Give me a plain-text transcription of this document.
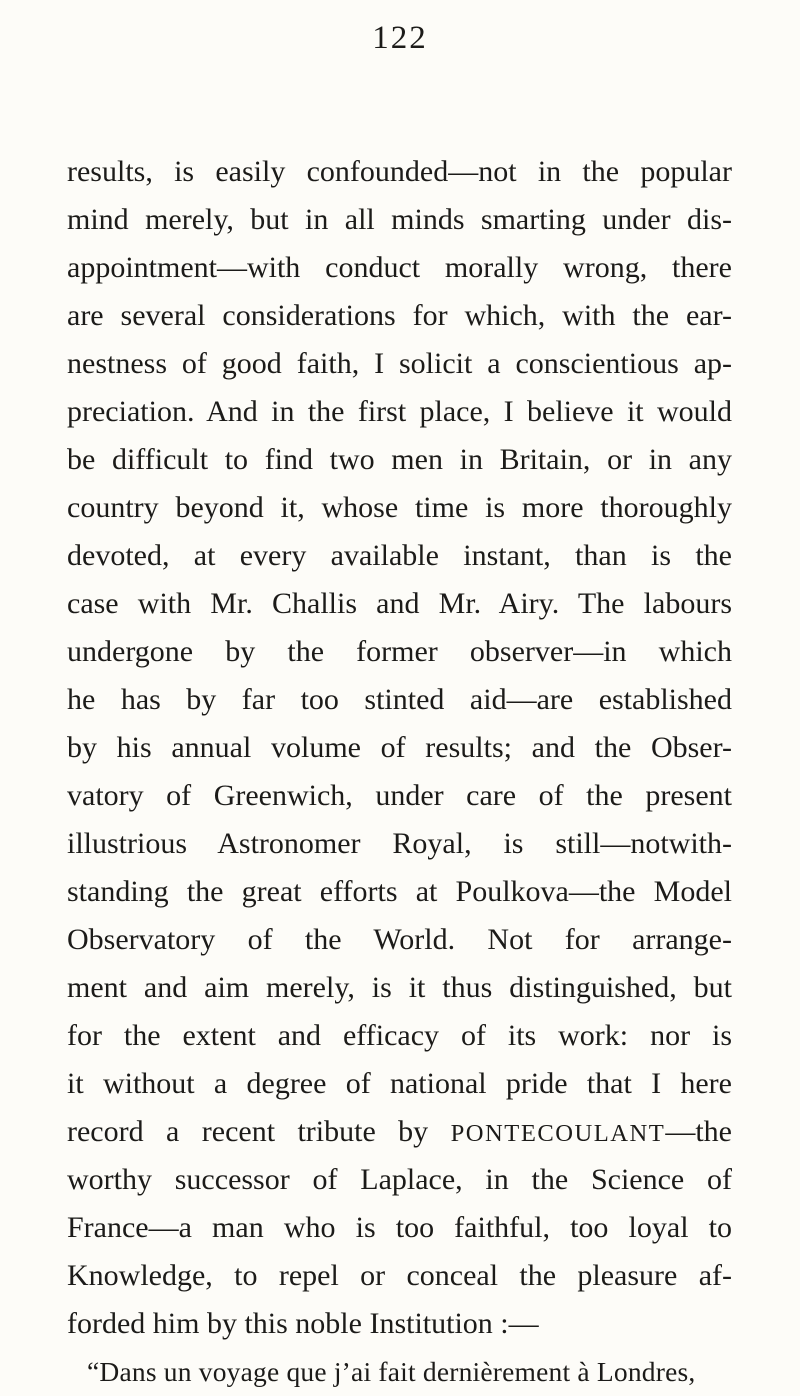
122
results, is easily confounded—not in the popular
mind merely, but in all minds smarting under dis-
appointment—with conduct morally wrong, there
are several considerations for which, with the ear-
nestness of good faith, I solicit a conscientious ap-
preciation. And in the first place, I believe it would
be difficult to find two men in Britain, or in any
country beyond it, whose time is more thoroughly
devoted, at every available instant, than is the
case with Mr. Challis and Mr. Airy. The labours
undergone by the former observer—in which
he has by far too stinted aid—are established
by his annual volume of results; and the Obser-
vatory of Greenwich, under care of the present
illustrious Astronomer Royal, is still—notwith-
standing the great efforts at Poulkova—the Model
Observatory of the World. Not for arrange-
ment and aim merely, is it thus distinguished, but
for the extent and efficacy of its work: nor is
it without a degree of national pride that I here
record a recent tribute by PONTECOULANT—the
worthy successor of Laplace, in the Science of
France—a man who is too faithful, too loyal to
Knowledge, to repel or conceal the pleasure af-
forded him by this noble Institution :—
“Dans un voyage que j’ai fait dernièrement à Londres,
